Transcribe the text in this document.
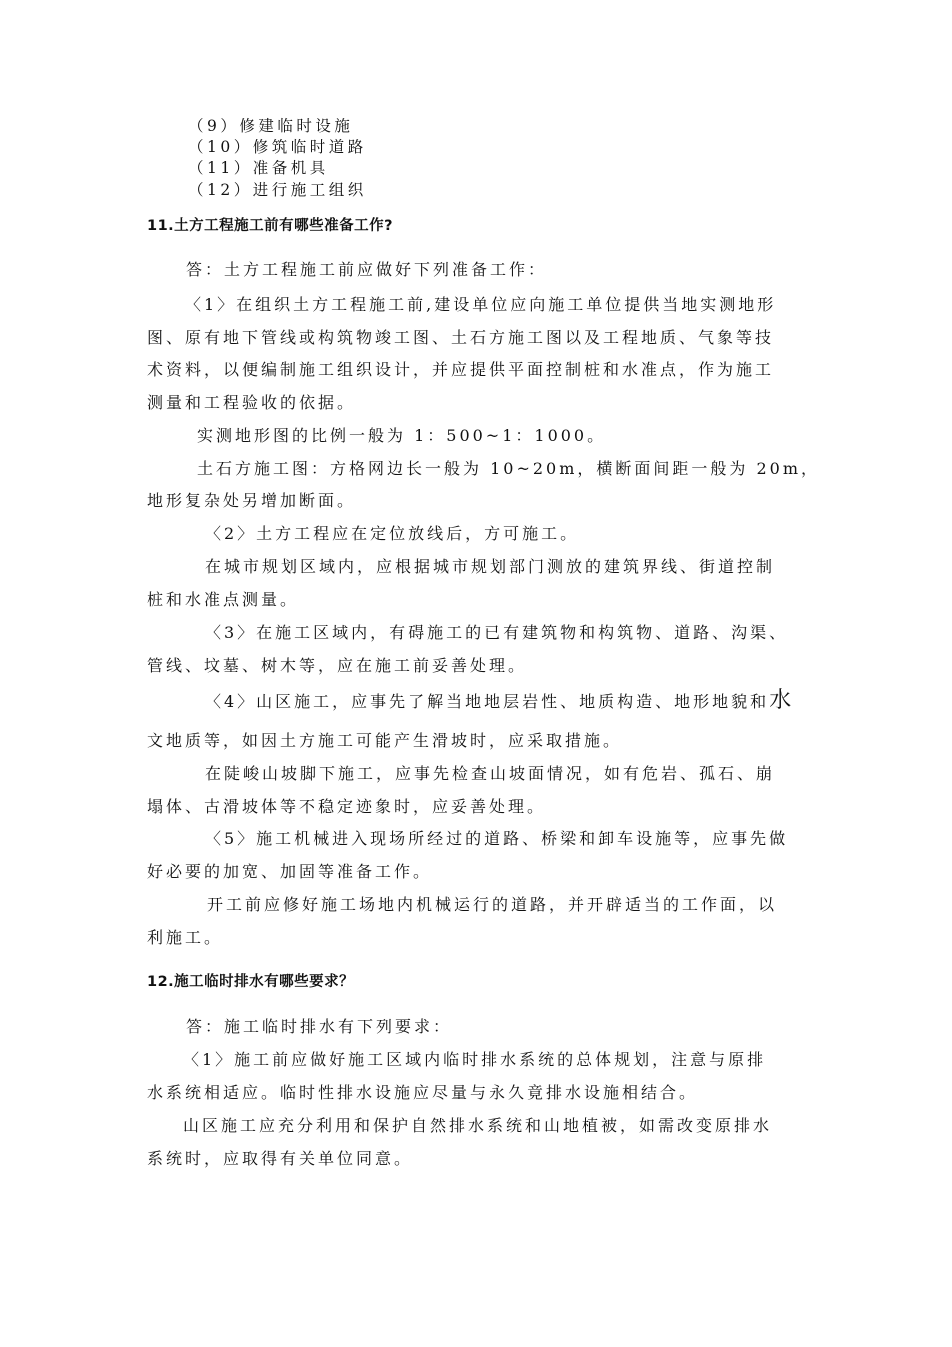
（9）修建临时设施
（10）修筑临时道路
（11）准备机具
（12）进行施工组织
11.土方工程施工前有哪些准备工作?
答：土方工程施工前应做好下列准备工作：
〈1〉在组织土方工程施工前,建设单位应向施工单位提供当地实测地形
图、原有地下管线或构筑物竣工图、土石方施工图以及工程地质、气象等技
术资料，以便编制施工组织设计，并应提供平面控制桩和水准点，作为施工
测量和工程验收的依据。
实测地形图的比例一般为 1：500~1：1000。
土石方施工图：方格网边长一般为 10~20m，横断面间距一般为 20m，
地形复杂处另增加断面。
〈2〉土方工程应在定位放线后，方可施工。
在城市规划区域内，应根据城市规划部门测放的建筑界线、街道控制
桩和水准点测量。
〈3〉在施工区域内，有碍施工的已有建筑物和构筑物、道路、沟渠、
管线、坟墓、树木等，应在施工前妥善处理。
〈4〉山区施工，应事先了解当地地层岩性、地质构造、地形地貌和水
文地质等，如因土方施工可能产生滑坡时，应采取措施。
在陡峻山坡脚下施工，应事先检查山坡面情况，如有危岩、孤石、崩
塌体、古滑坡体等不稳定迹象时，应妥善处理。
〈5〉施工机械进入现场所经过的道路、桥梁和卸车设施等，应事先做
好必要的加宽、加固等准备工作。
开工前应修好施工场地内机械运行的道路，并开辟适当的工作面，以
利施工。
12.施工临时排水有哪些要求？
答：施工临时排水有下列要求：
〈1〉施工前应做好施工区域内临时排水系统的总体规划，注意与原排
水系统相适应。临时性排水设施应尽量与永久竟排水设施相结合。
山区施工应充分利用和保护自然排水系统和山地植被，如需改变原排水
系统时，应取得有关单位同意。
